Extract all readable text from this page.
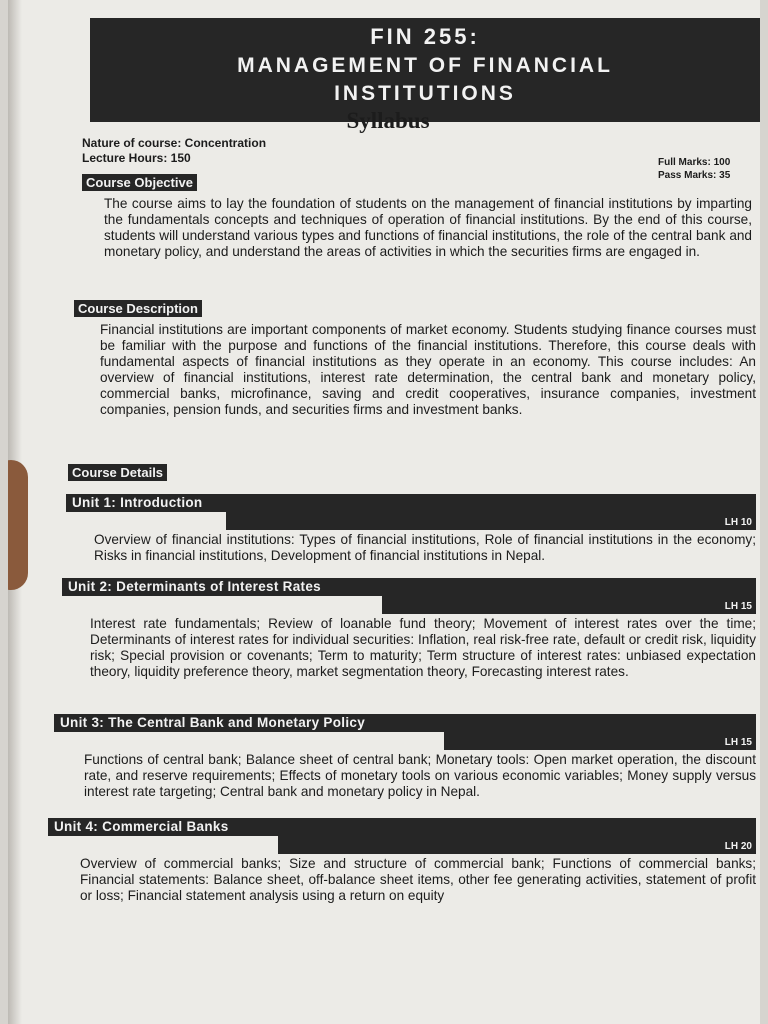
FIN 255:
MANAGEMENT OF FINANCIAL
INSTITUTIONS
Syllabus
Nature of course: Concentration
Lecture Hours: 150	Full Marks: 100
Pass Marks: 35
Course Objective
The course aims to lay the foundation of students on the management of financial institutions by imparting the fundamentals concepts and techniques of operation of financial institutions. By the end of this course, students will understand various types and functions of financial institutions, the role of the central bank and monetary policy, and understand the areas of activities in which the securities firms are engaged in.
Course Description
Financial institutions are important components of market economy. Students studying finance courses must be familiar with the purpose and functions of the financial institutions. Therefore, this course deals with fundamental aspects of financial institutions as they operate in an economy. This course includes: An overview of financial institutions, interest rate determination, the central bank and monetary policy, commercial banks, microfinance, saving and credit cooperatives, insurance companies, investment companies, pension funds, and securities firms and investment banks.
Course Details
Unit 1: Introduction
LH 10
Overview of financial institutions: Types of financial institutions, Role of financial institutions in the economy; Risks in financial institutions, Development of financial institutions in Nepal.
Unit 2: Determinants of Interest Rates
LH 15
Interest rate fundamentals; Review of loanable fund theory; Movement of interest rates over the time; Determinants of interest rates for individual securities: Inflation, real risk-free rate, default or credit risk, liquidity risk; Special provision or covenants; Term to maturity; Term structure of interest rates: unbiased expectation theory, liquidity preference theory, market segmentation theory, Forecasting interest rates.
Unit 3: The Central Bank and Monetary Policy
LH 15
Functions of central bank; Balance sheet of central bank; Monetary tools: Open market operation, the discount rate, and reserve requirements; Effects of monetary tools on various economic variables; Money supply versus interest rate targeting; Central bank and monetary policy in Nepal.
Unit 4: Commercial Banks
LH 20
Overview of commercial banks; Size and structure of commercial bank; Functions of commercial banks; Financial statements: Balance sheet, off-balance sheet items, other fee generating activities, statement of profit or loss; Financial statement analysis using a return on equity
